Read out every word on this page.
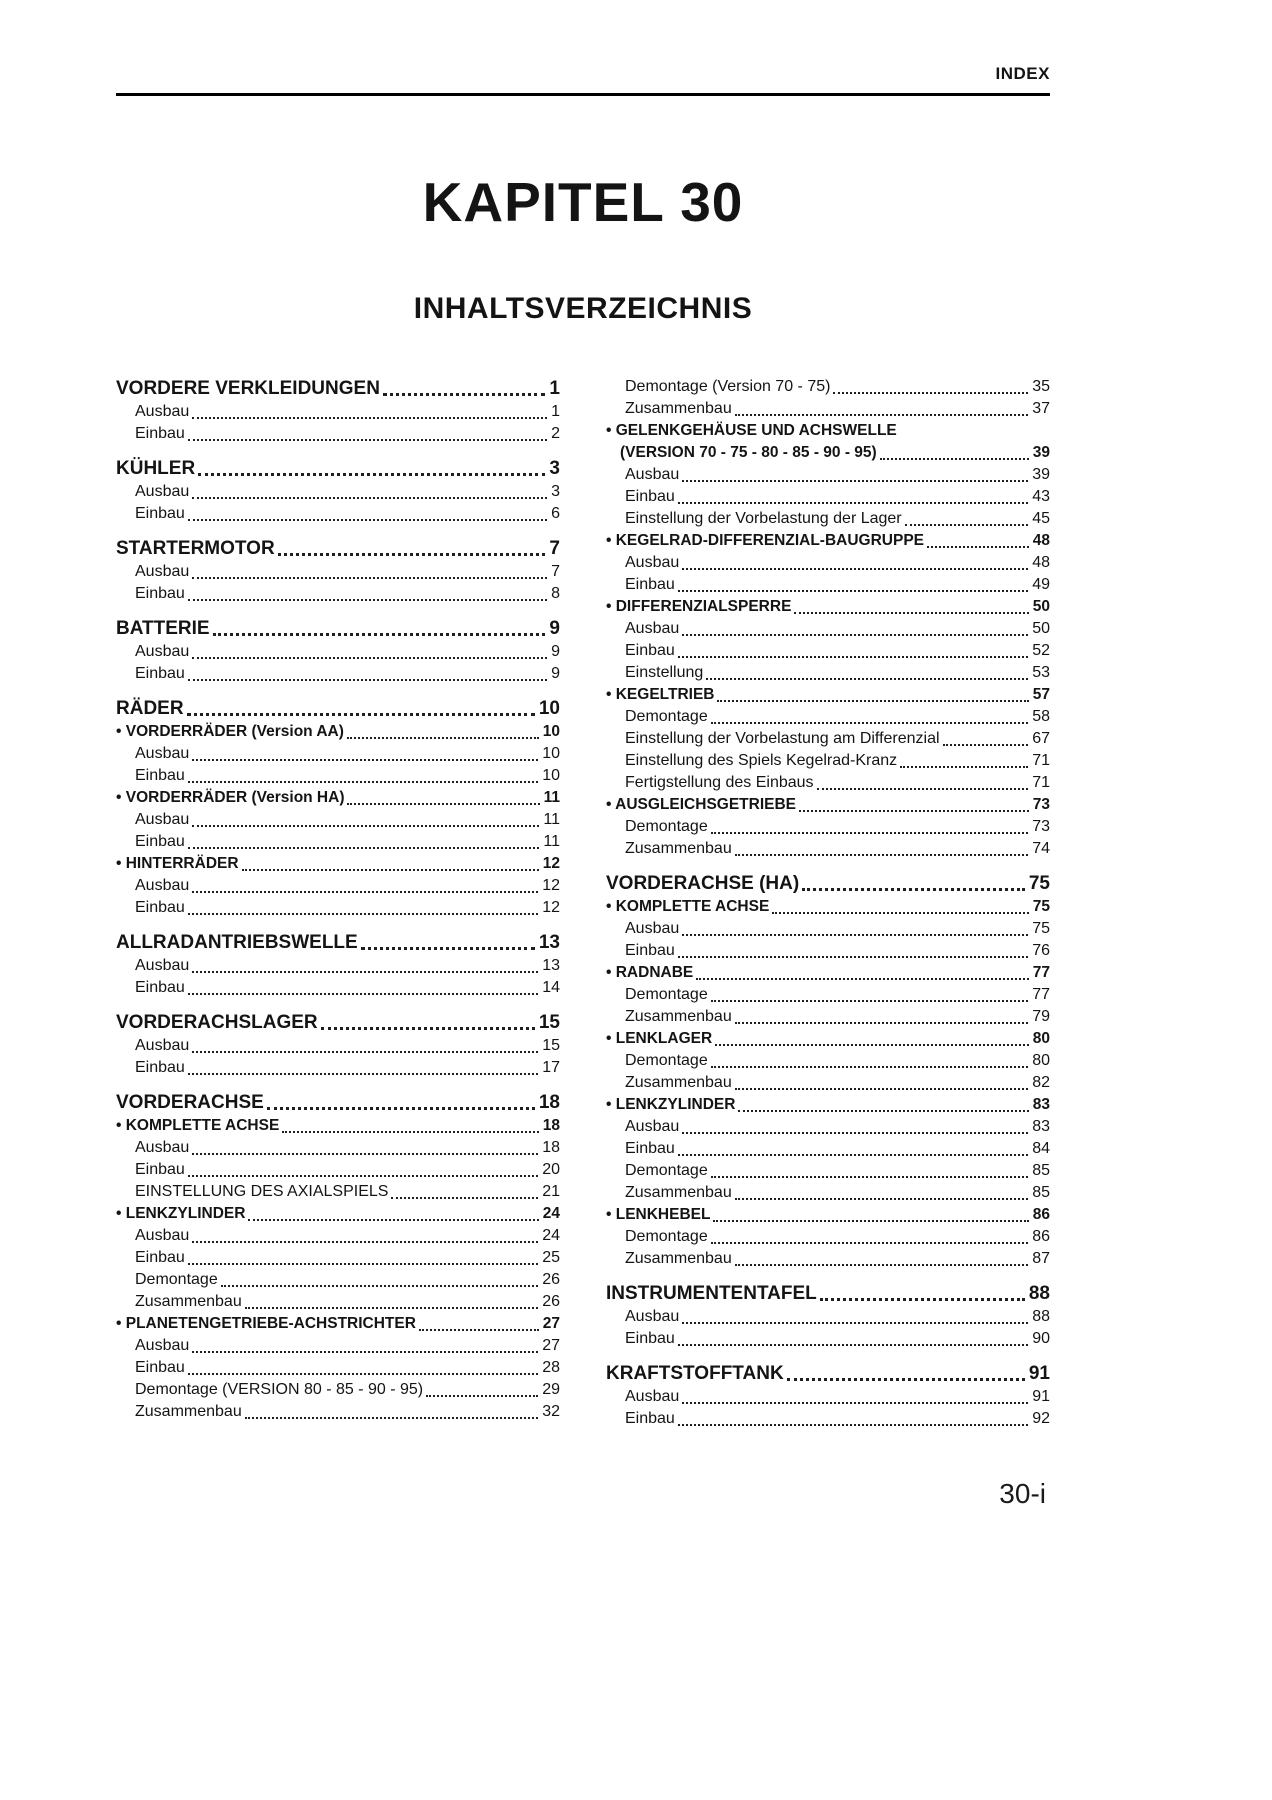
INDEX
KAPITEL 30
INHALTSVERZEICHNIS
VORDERE VERKLEIDUNGEN	1
Ausbau	1
Einbau	2
KÜHLER	3
Ausbau	3
Einbau	6
STARTERMOTOR	7
Ausbau	7
Einbau	8
BATTERIE	9
Ausbau	9
Einbau	9
RÄDER	10
• VORDERRÄDER (Version AA)	10
Ausbau	10
Einbau	10
• VORDERRÄDER (Version HA)	11
Ausbau	11
Einbau	11
• HINTERRÄDER	12
Ausbau	12
Einbau	12
ALLRADANTRIEBSWELLE	13
Ausbau	13
Einbau	14
VORDERACHSLAGER	15
Ausbau	15
Einbau	17
VORDERACHSE	18
• KOMPLETTE ACHSE	18
Ausbau	18
Einbau	20
EINSTELLUNG DES AXIALSPIELS	21
• LENKZYLINDER	24
Ausbau	24
Einbau	25
Demontage	26
Zusammenbau	26
• PLANETENGETRIEBE-ACHSTRICHTER	27
Ausbau	27
Einbau	28
Demontage (VERSION 80 - 85 - 90 - 95)	29
Zusammenbau	32
Demontage (Version 70 - 75)	35
Zusammenbau	37
• GELENKGEHÄUSE UND ACHSWELLE
(VERSION 70 - 75 - 80 - 85 - 90 - 95)	39
Ausbau	39
Einbau	43
Einstellung der Vorbelastung der Lager	45
• KEGELRAD-DIFFERENZIAL-BAUGRUPPE	48
Ausbau	48
Einbau	49
• DIFFERENZIALSPERRE	50
Ausbau	50
Einbau	52
Einstellung	53
• KEGELTRIEB	57
Demontage	58
Einstellung der Vorbelastung am Differenzial	67
Einstellung des Spiels Kegelrad-Kranz	71
Fertigstellung des Einbaus	71
• AUSGLEICHSGETRIEBE	73
Demontage	73
Zusammenbau	74
VORDERACHSE (HA)	75
• KOMPLETTE ACHSE	75
Ausbau	75
Einbau	76
• RADNABE	77
Demontage	77
Zusammenbau	79
• LENKLAGER	80
Demontage	80
Zusammenbau	82
• LENKZYLINDER	83
Ausbau	83
Einbau	84
Demontage	85
Zusammenbau	85
• LENKHEBEL	86
Demontage	86
Zusammenbau	87
INSTRUMENTENTAFEL	88
Ausbau	88
Einbau	90
KRAFTSTOFFTANK	91
Ausbau	91
Einbau	92
30-i
